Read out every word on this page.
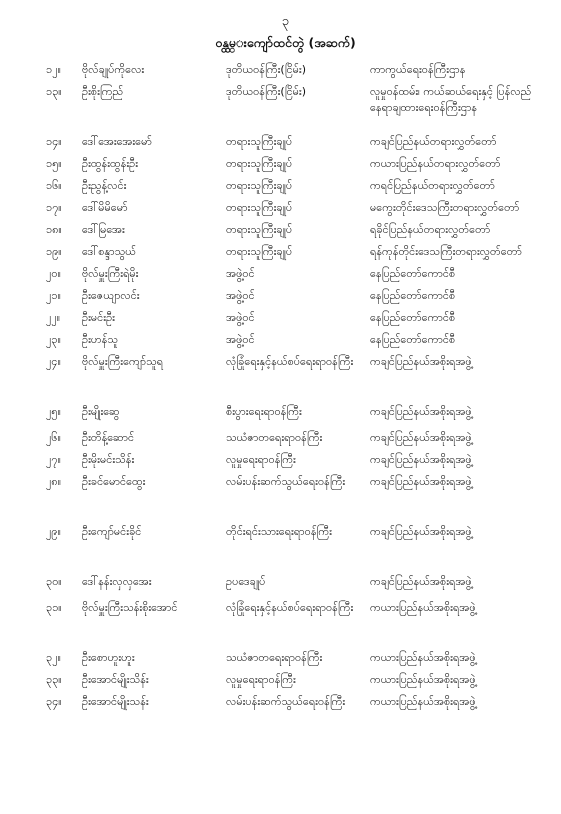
၃
ဝန္ထမ္းကျော်ထင်တွဲ (အဆက်)
၁၂။	ဗိုလ်ချုပ်ကိုလေး	ဒုတိယဝန်ကြီး(ငြိမ်း)	ကာကွယ်ရေးဝန်ကြီးဌာန
၁၃။	ဦးစိုးကြည်	ဒုတိယဝန်ကြီး(ငြိမ်း)	လူမှုဝန်ထမ်း၊ ကယ်ဆယ်ရေးနှင့် ပြန်လည်နေရာချထားရေးဝန်ကြီးဌာန
၁၄။	ဒေါ်အေးအေးမော်	တရားသူကြီးချုပ်	ကချင်ပြည်နယ်တရားလွှတ်တော်
၁၅။	ဦးထွန်းထွန်းဦး	တရားသူကြီးချုပ်	ကယားပြည်နယ်တရားလွှတ်တော်
၁၆။	ဦးညွန့်လင်း	တရားသူကြီးချုပ်	ကရင်ပြည်နယ်တရားလွှတ်တော်
၁၇။	ဒေါ်မိမိမော်	တရားသူကြီးချုပ်	မကွေးတိုင်းဒေသကြီးတရားလွှတ်တော်
၁၈။	ဒေါ်မြအေး	တရားသူကြီးချုပ်	ရခိုင်ပြည်နယ်တရားလွှတ်တော်
၁၉။	ဒေါ်စန္ဒာသွယ်	တရားသူကြီးချုပ်	ရန်ကုန်တိုင်းဒေသကြီးတရားလွှတ်တော်
၂၀။	ဗိုလ်မှူးကြီးရဲမိုး	အဖွဲ့ဝင်	နေပြည်တော်ကောင်စီ
၂၁။	ဦးဇေယျာလင်း	အဖွဲ့ဝင်	နေပြည်တော်ကောင်စီ
၂၂။	ဦးမင်းဦး	အဖွဲ့ဝင်	နေပြည်တော်ကောင်စီ
၂၃။	ဦးဟန်သူ	အဖွဲ့ဝင်	နေပြည်တော်ကောင်စီ
၂၄။	ဗိုလ်မှူးကြီးကျော်သူရ	လုံခြုံရေးနှင့်နယ်စပ်ရေးရာဝန်ကြီး	ကချင်ပြည်နယ်အစိုးရအဖွဲ့
၂၅။	ဦးမျိုးဆွေ	စီးပွားရေးရာဝန်ကြီး	ကချင်ပြည်နယ်အစိုးရအဖွဲ့
၂၆။	ဦးတိန့်ဆောင်	သယံဇာတရေးရာဝန်ကြီး	ကချင်ပြည်နယ်အစိုးရအဖွဲ့
၂၇။	ဦးမိုးမင်းသိန်း	လူမှုရေးရာဝန်ကြီး	ကချင်ပြည်နယ်အစိုးရအဖွဲ့
၂၈။	ဦးခင်မောင်ထွေး	လမ်းပန်းဆက်သွယ်ရေးဝန်ကြီး	ကချင်ပြည်နယ်အစိုးရအဖွဲ့
၂၉။	ဦးကျော်မင်းခိုင်	တိုင်းရင်းသားရေးရာဝန်ကြီး	ကချင်ပြည်နယ်အစိုးရအဖွဲ့
၃၀။	ဒေါ်နန်းလှလှအေး	ဥပဒေချုပ်	ကချင်ပြည်နယ်အစိုးရအဖွဲ့
၃၁။	ဗိုလ်မှူးကြီးသန်းစိုးအောင်	လုံခြုံရေးနှင့်နယ်စပ်ရေးရာဝန်ကြီး	ကယားပြည်နယ်အစိုးရအဖွဲ့
၃၂။	ဦးစောဟူးဟူး	သယံဇာတရေးရာဝန်ကြီး	ကယားပြည်နယ်အစိုးရအဖွဲ့
၃၃။	ဦးအောင်မျိုးသိန်း	လူမှုရေးရာဝန်ကြီး	ကယားပြည်နယ်အစိုးရအဖွဲ့
၃၄။	ဦးအောင်မျိုးသန်း	လမ်းပန်းဆက်သွယ်ရေးဝန်ကြီး	ကယားပြည်နယ်အစိုးရအဖွဲ့
